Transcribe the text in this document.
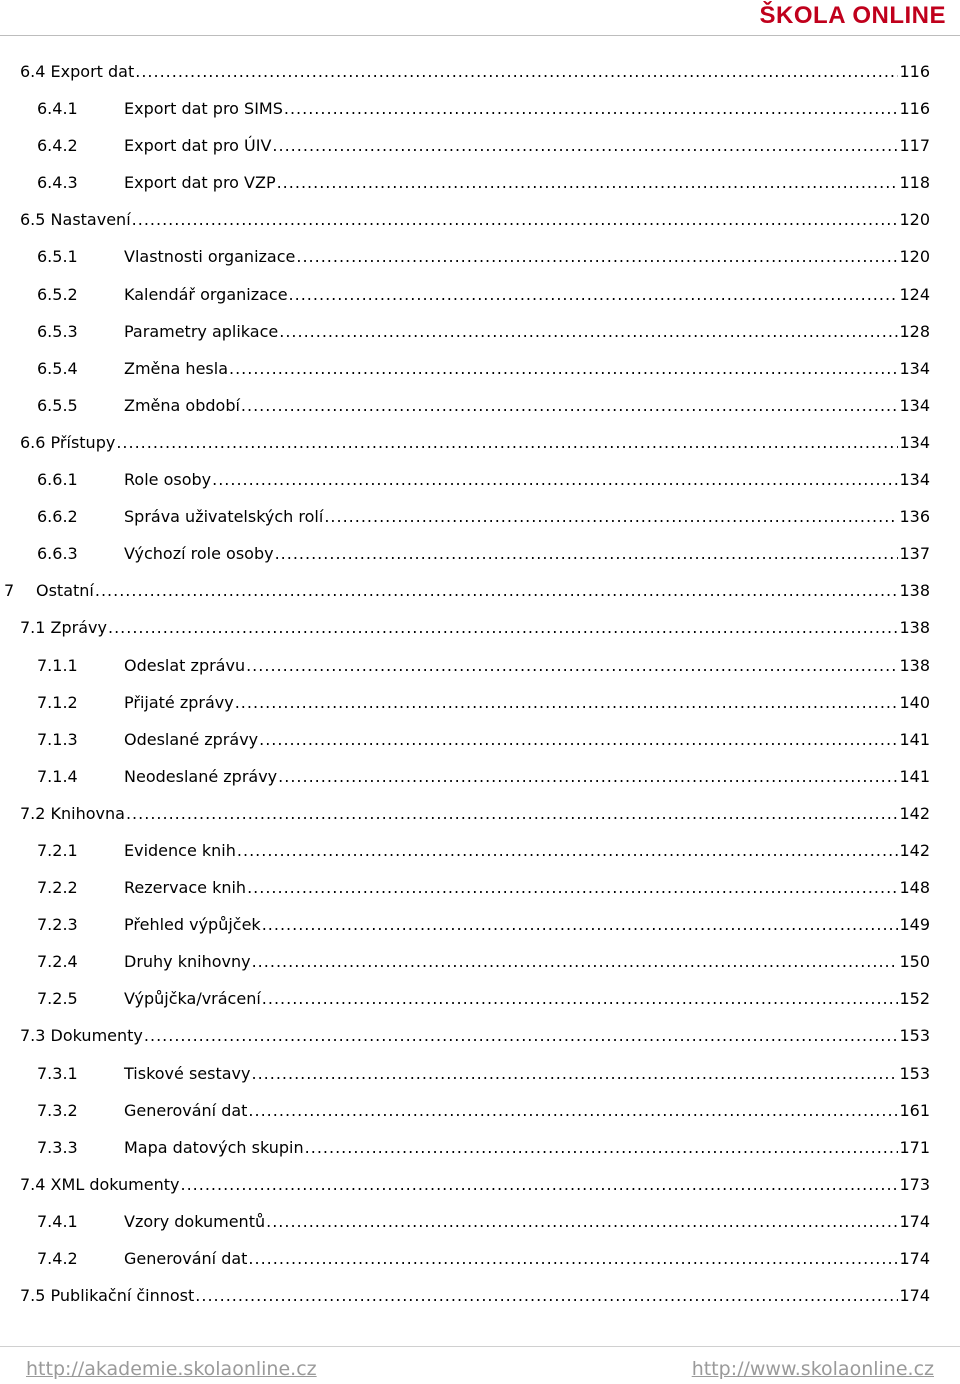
ŠKOLA ONLINE
6.4 Export dat .....	116
6.4.1	Export dat pro SIMS .....	116
6.4.2	Export dat pro ÚIV .....	117
6.4.3	Export dat pro VZP .....	118
6.5 Nastavení .....	120
6.5.1	Vlastnosti organizace .....	120
6.5.2	Kalendář organizace .....	124
6.5.3	Parametry aplikace .....	128
6.5.4	Změna hesla .....	134
6.5.5	Změna období .....	134
6.6 Přístupy .....	134
6.6.1	Role osoby .....	134
6.6.2	Správa uživatelských rolí .....	136
6.6.3	Výchozí role osoby .....	137
7 Ostatní .....	138
7.1 Zprávy .....	138
7.1.1	Odeslat zprávu .....	138
7.1.2	Přijaté zprávy .....	140
7.1.3	Odeslané zprávy .....	141
7.1.4	Neodeslané zprávy .....	141
7.2 Knihovna .....	142
7.2.1	Evidence knih .....	142
7.2.2	Rezervace knih .....	148
7.2.3	Přehled výpůjček .....	149
7.2.4	Druhy knihovny .....	150
7.2.5	Výpůjčka/vrácení .....	152
7.3 Dokumenty .....	153
7.3.1	Tiskové sestavy .....	153
7.3.2	Generování dat .....	161
7.3.3	Mapa datových skupin .....	171
7.4 XML dokumenty .....	173
7.4.1	Vzory dokumentů .....	174
7.4.2	Generování dat .....	174
7.5 Publikační činnost .....	174
http://akademie.skolaonline.cz	http://www.skolaonline.cz
